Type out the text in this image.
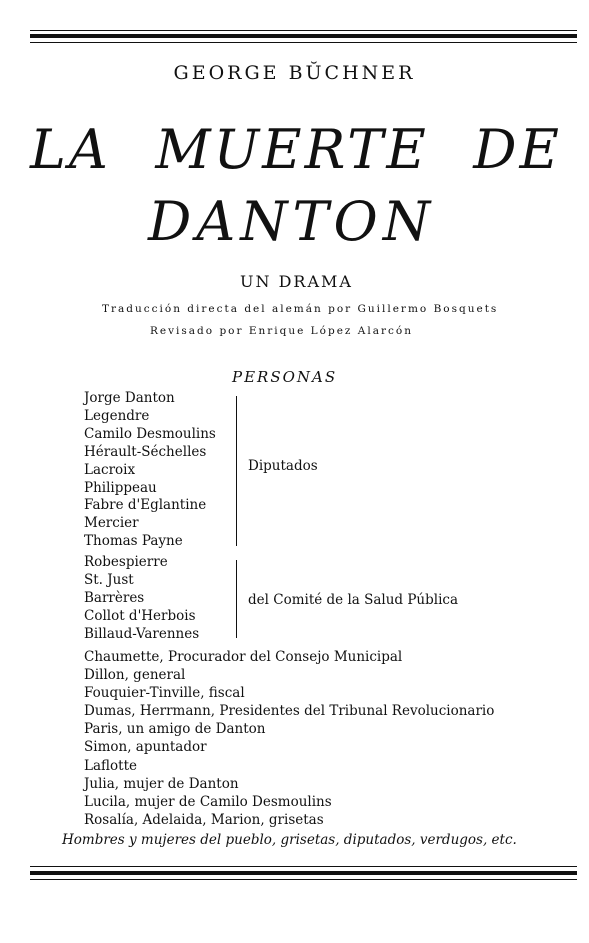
GEORGE BŬCHNER
LA MUERTE DE
DANTON
UN DRAMA
Traducción directa del alemán por Guillermo Bosquets
Revisado por Enrique López Alarcón
PERSONAS
Jorge Danton
Legendre
Camilo Desmoulins
Hérault-Séchelles
Lacroix
Philippeau
Fabre d'Eglantine
Mercier
Thomas Payne
Diputados
Robespierre
St. Just
Barrères
Collot d'Herbois
Billaud-Varennes
del Comité de la Salud Pública
Chaumette, Procurador del Consejo Municipal
Dillon, general
Fouquier-Tinville, fiscal
Dumas, Herrmann, Presidentes del Tribunal Revolucionario
Paris, un amigo de Danton
Simon, apuntador
Laflotte
Julia, mujer de Danton
Lucila, mujer de Camilo Desmoulins
Rosalía, Adelaida, Marion, grisetas
Hombres y mujeres del pueblo, grisetas, diputados, verdugos, etc.
